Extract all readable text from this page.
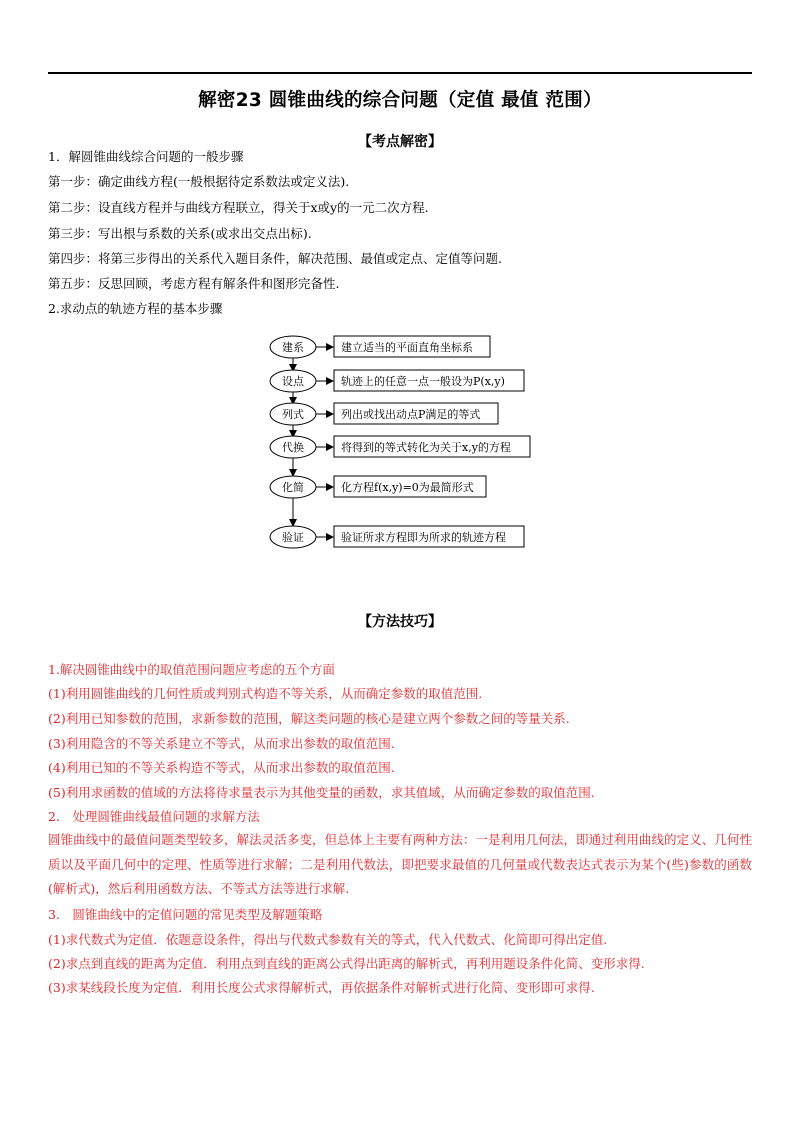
解密23 圆锥曲线的综合问题（定值 最值 范围）
【考点解密】
1．解圆锥曲线综合问题的一般步骤
第一步：确定曲线方程(一般根据待定系数法或定义法).
第二步：设直线方程并与曲线方程联立，得关于x或y的一元二次方程.
第三步：写出根与系数的关系(或求出交点出标).
第四步：将第三步得出的关系代入题目条件，解决范围、最值或定点、定值等问题.
第五步：反思回顾，考虑方程有解条件和图形完备性.
2.求动点的轨迹方程的基本步骤
建系	建立适当的平面直角坐标系
设点	轨迹上的任意一点一般设为P(x,y)
列式	列出或找出动点P满足的等式
代换	将得到的等式转化为关于x,y的方程
化简	化方程f(x,y)=0为最简形式
验证	验证所求方程即为所求的轨迹方程
【方法技巧】
1.解决圆锥曲线中的取值范围问题应考虑的五个方面
(1)利用圆锥曲线的几何性质或判别式构造不等关系，从而确定参数的取值范围.
(2)利用已知参数的范围，求新参数的范围，解这类问题的核心是建立两个参数之间的等量关系.
(3)利用隐含的不等关系建立不等式，从而求出参数的取值范围.
(4)利用已知的不等关系构造不等式，从而求出参数的取值范围.
(5)利用求函数的值域的方法将待求量表示为其他变量的函数，求其值域，从而确定参数的取值范围.
2.　处理圆锥曲线最值问题的求解方法
圆锥曲线中的最值问题类型较多，解法灵活多变，但总体上主要有两种方法：一是利用几何法，即通过利用曲线的定义、几何性质以及平面几何中的定理、性质等进行求解；二是利用代数法，即把要求最值的几何量或代数表达式表示为某个(些)参数的函数(解析式)，然后利用函数方法、不等式方法等进行求解.
3.　圆锥曲线中的定值问题的常见类型及解题策略
(1)求代数式为定值．依题意设条件，得出与代数式参数有关的等式，代入代数式、化简即可得出定值.
(2)求点到直线的距离为定值．利用点到直线的距离公式得出距离的解析式，再利用题设条件化简、变形求得.
(3)求某线段长度为定值．利用长度公式求得解析式，再依据条件对解析式进行化简、变形即可求得.
